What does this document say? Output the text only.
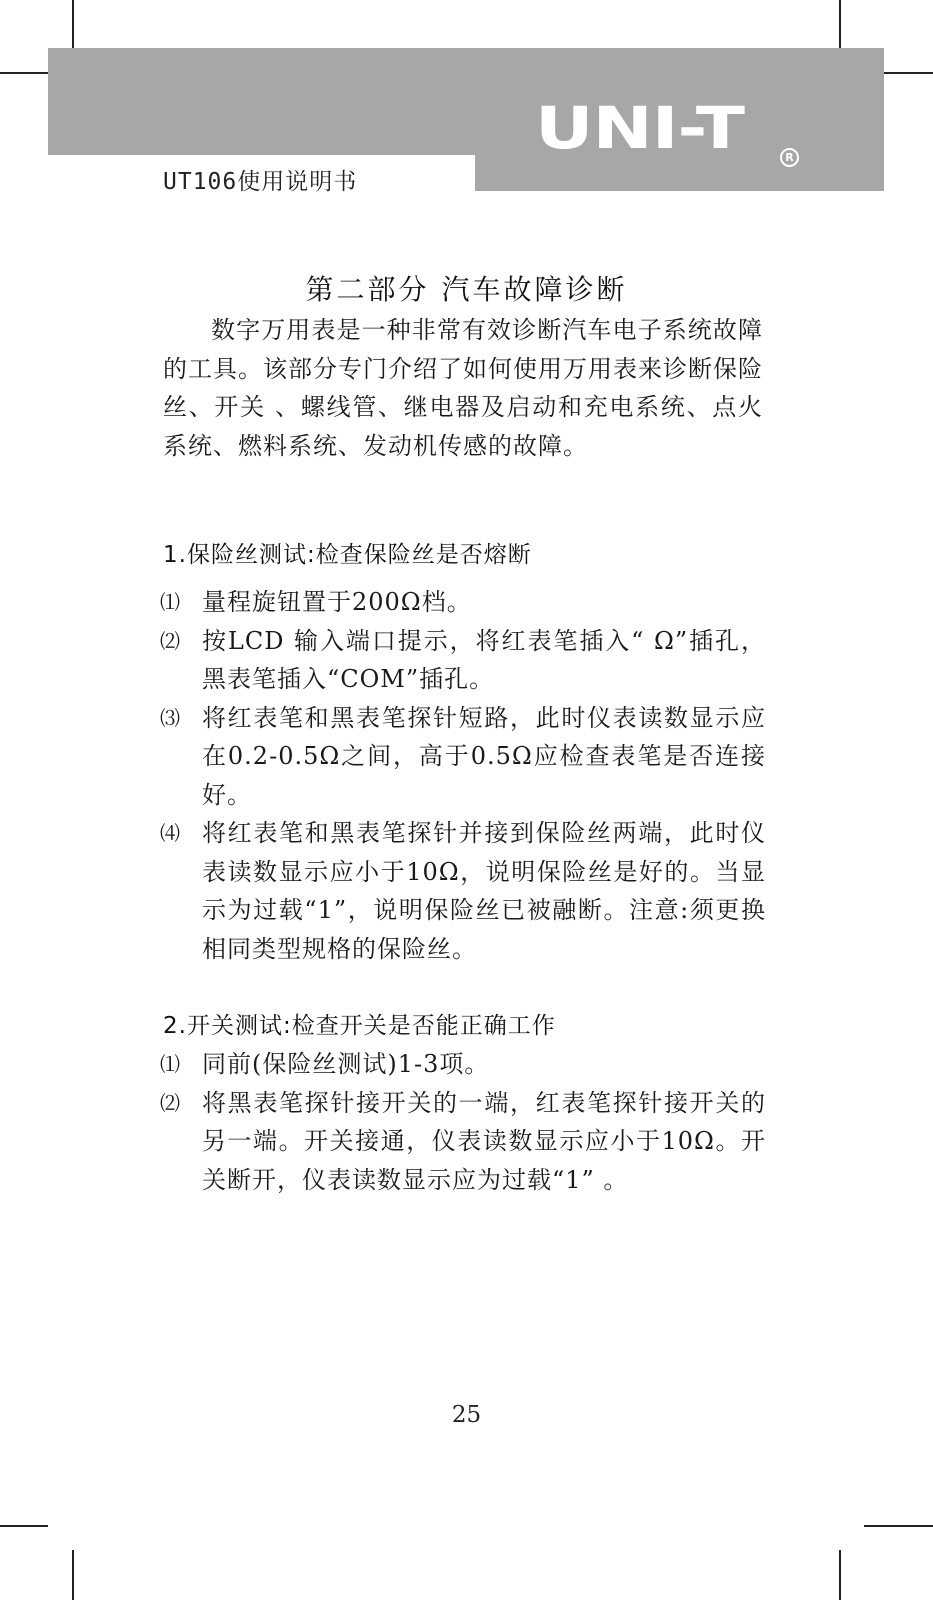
UNI-T	R
UT106使用说明书
第二部分 汽车故障诊断
数字万用表是一种非常有效诊断汽车电子系统故障的工具。该部分专门介绍了如何使用万用表来诊断保险丝、开关 、螺线管、继电器及启动和充电系统、点火系统、燃料系统、发动机传感的故障。
1.保险丝测试:检查保险丝是否熔断
⑴ 量程旋钮置于200Ω档。
⑵ 按LCD 输入端口提示，将红表笔插入“ Ω”插孔，黑表笔插入“COM”插孔。
⑶ 将红表笔和黑表笔探针短路，此时仪表读数显示应在0.2-0.5Ω之间，高于0.5Ω应检查表笔是否连接好。
⑷ 将红表笔和黑表笔探针并接到保险丝两端，此时仪表读数显示应小于10Ω，说明保险丝是好的。当显示为过载“1”，说明保险丝已被融断。注意:须更换相同类型规格的保险丝。
2.开关测试:检查开关是否能正确工作
⑴ 同前(保险丝测试)1-3项。
⑵ 将黑表笔探针接开关的一端，红表笔探针接开关的另一端。开关接通，仪表读数显示应小于10Ω。开关断开，仪表读数显示应为过载“1” 。
25
